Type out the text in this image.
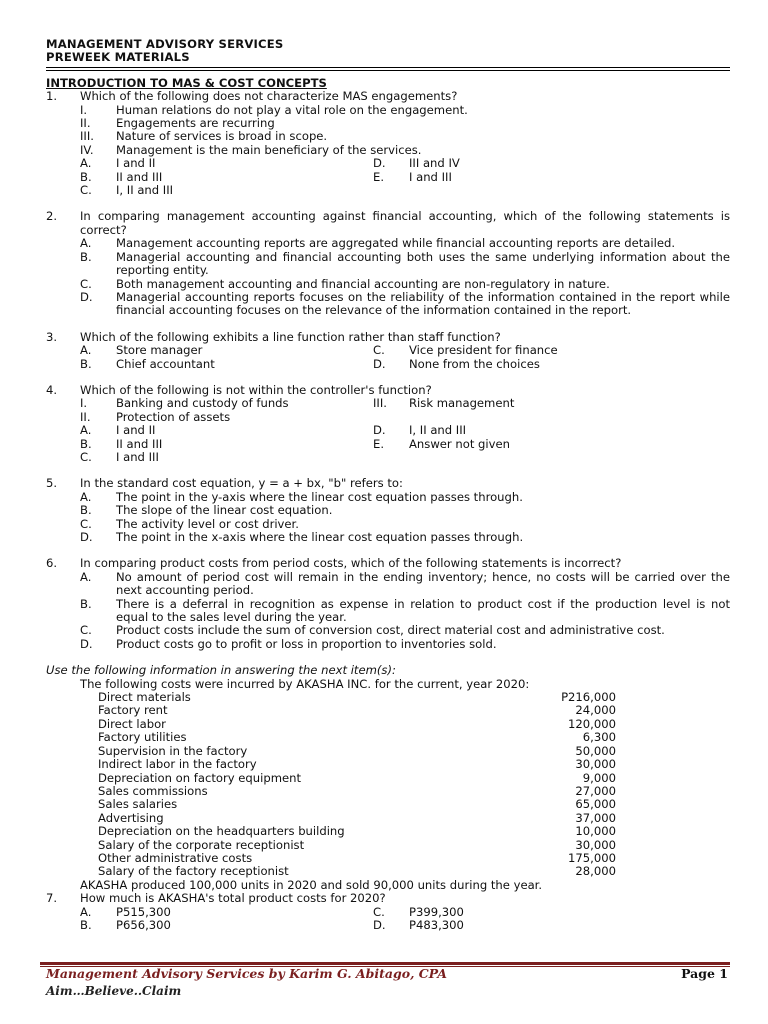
MANAGEMENT ADVISORY SERVICES
PREWEEK MATERIALS
INTRODUCTION TO MAS & COST CONCEPTS
1.	Which of the following does not characterize MAS engagements?
I.	Human relations do not play a vital role on the engagement.
II.	Engagements are recurring
III.	Nature of services is broad in scope.
IV.	Management is the main beneficiary of the services.
A.	I and II	D.	III and IV
B.	II and III	E.	I and III
C.	I, II and III
2.	In comparing management accounting against financial accounting, which of the following statements is correct?
A.	Management accounting reports are aggregated while financial accounting reports are detailed.
B.	Managerial accounting and financial accounting both uses the same underlying information about the reporting entity.
C.	Both management accounting and financial accounting are non-regulatory in nature.
D.	Managerial accounting reports focuses on the reliability of the information contained in the report while financial accounting focuses on the relevance of the information contained in the report.
3.	Which of the following exhibits a line function rather than staff function?
A.	Store manager	C.	Vice president for finance
B.	Chief accountant	D.	None from the choices
4.	Which of the following is not within the controller's function?
I.	Banking and custody of funds	III.	Risk management
II.	Protection of assets
A.	I and II	D.	I, II and III
B.	II and III	E.	Answer not given
C.	I and III
5.	In the standard cost equation, y = a + bx, "b" refers to:
A.	The point in the y-axis where the linear cost equation passes through.
B.	The slope of the linear cost equation.
C.	The activity level or cost driver.
D.	The point in the x-axis where the linear cost equation passes through.
6.	In comparing product costs from period costs, which of the following statements is incorrect?
A.	No amount of period cost will remain in the ending inventory; hence, no costs will be carried over the next accounting period.
B.	There is a deferral in recognition as expense in relation to product cost if the production level is not equal to the sales level during the year.
C.	Product costs include the sum of conversion cost, direct material cost and administrative cost.
D.	Product costs go to profit or loss in proportion to inventories sold.
Use the following information in answering the next item(s):
The following costs were incurred by AKASHA INC. for the current, year 2020:
Direct materials	P216,000
Factory rent	24,000
Direct labor	120,000
Factory utilities	6,300
Supervision in the factory	50,000
Indirect labor in the factory	30,000
Depreciation on factory equipment	9,000
Sales commissions	27,000
Sales salaries	65,000
Advertising	37,000
Depreciation on the headquarters building	10,000
Salary of the corporate receptionist	30,000
Other administrative costs	175,000
Salary of the factory receptionist	28,000
AKASHA produced 100,000 units in 2020 and sold 90,000 units during the year.
7.	How much is AKASHA's total product costs for 2020?
A.	P515,300	C.	P399,300
B.	P656,300	D.	P483,300
Management Advisory Services by Karim G. Abitago, CPA
Aim…Believe..Claim
Page 1
